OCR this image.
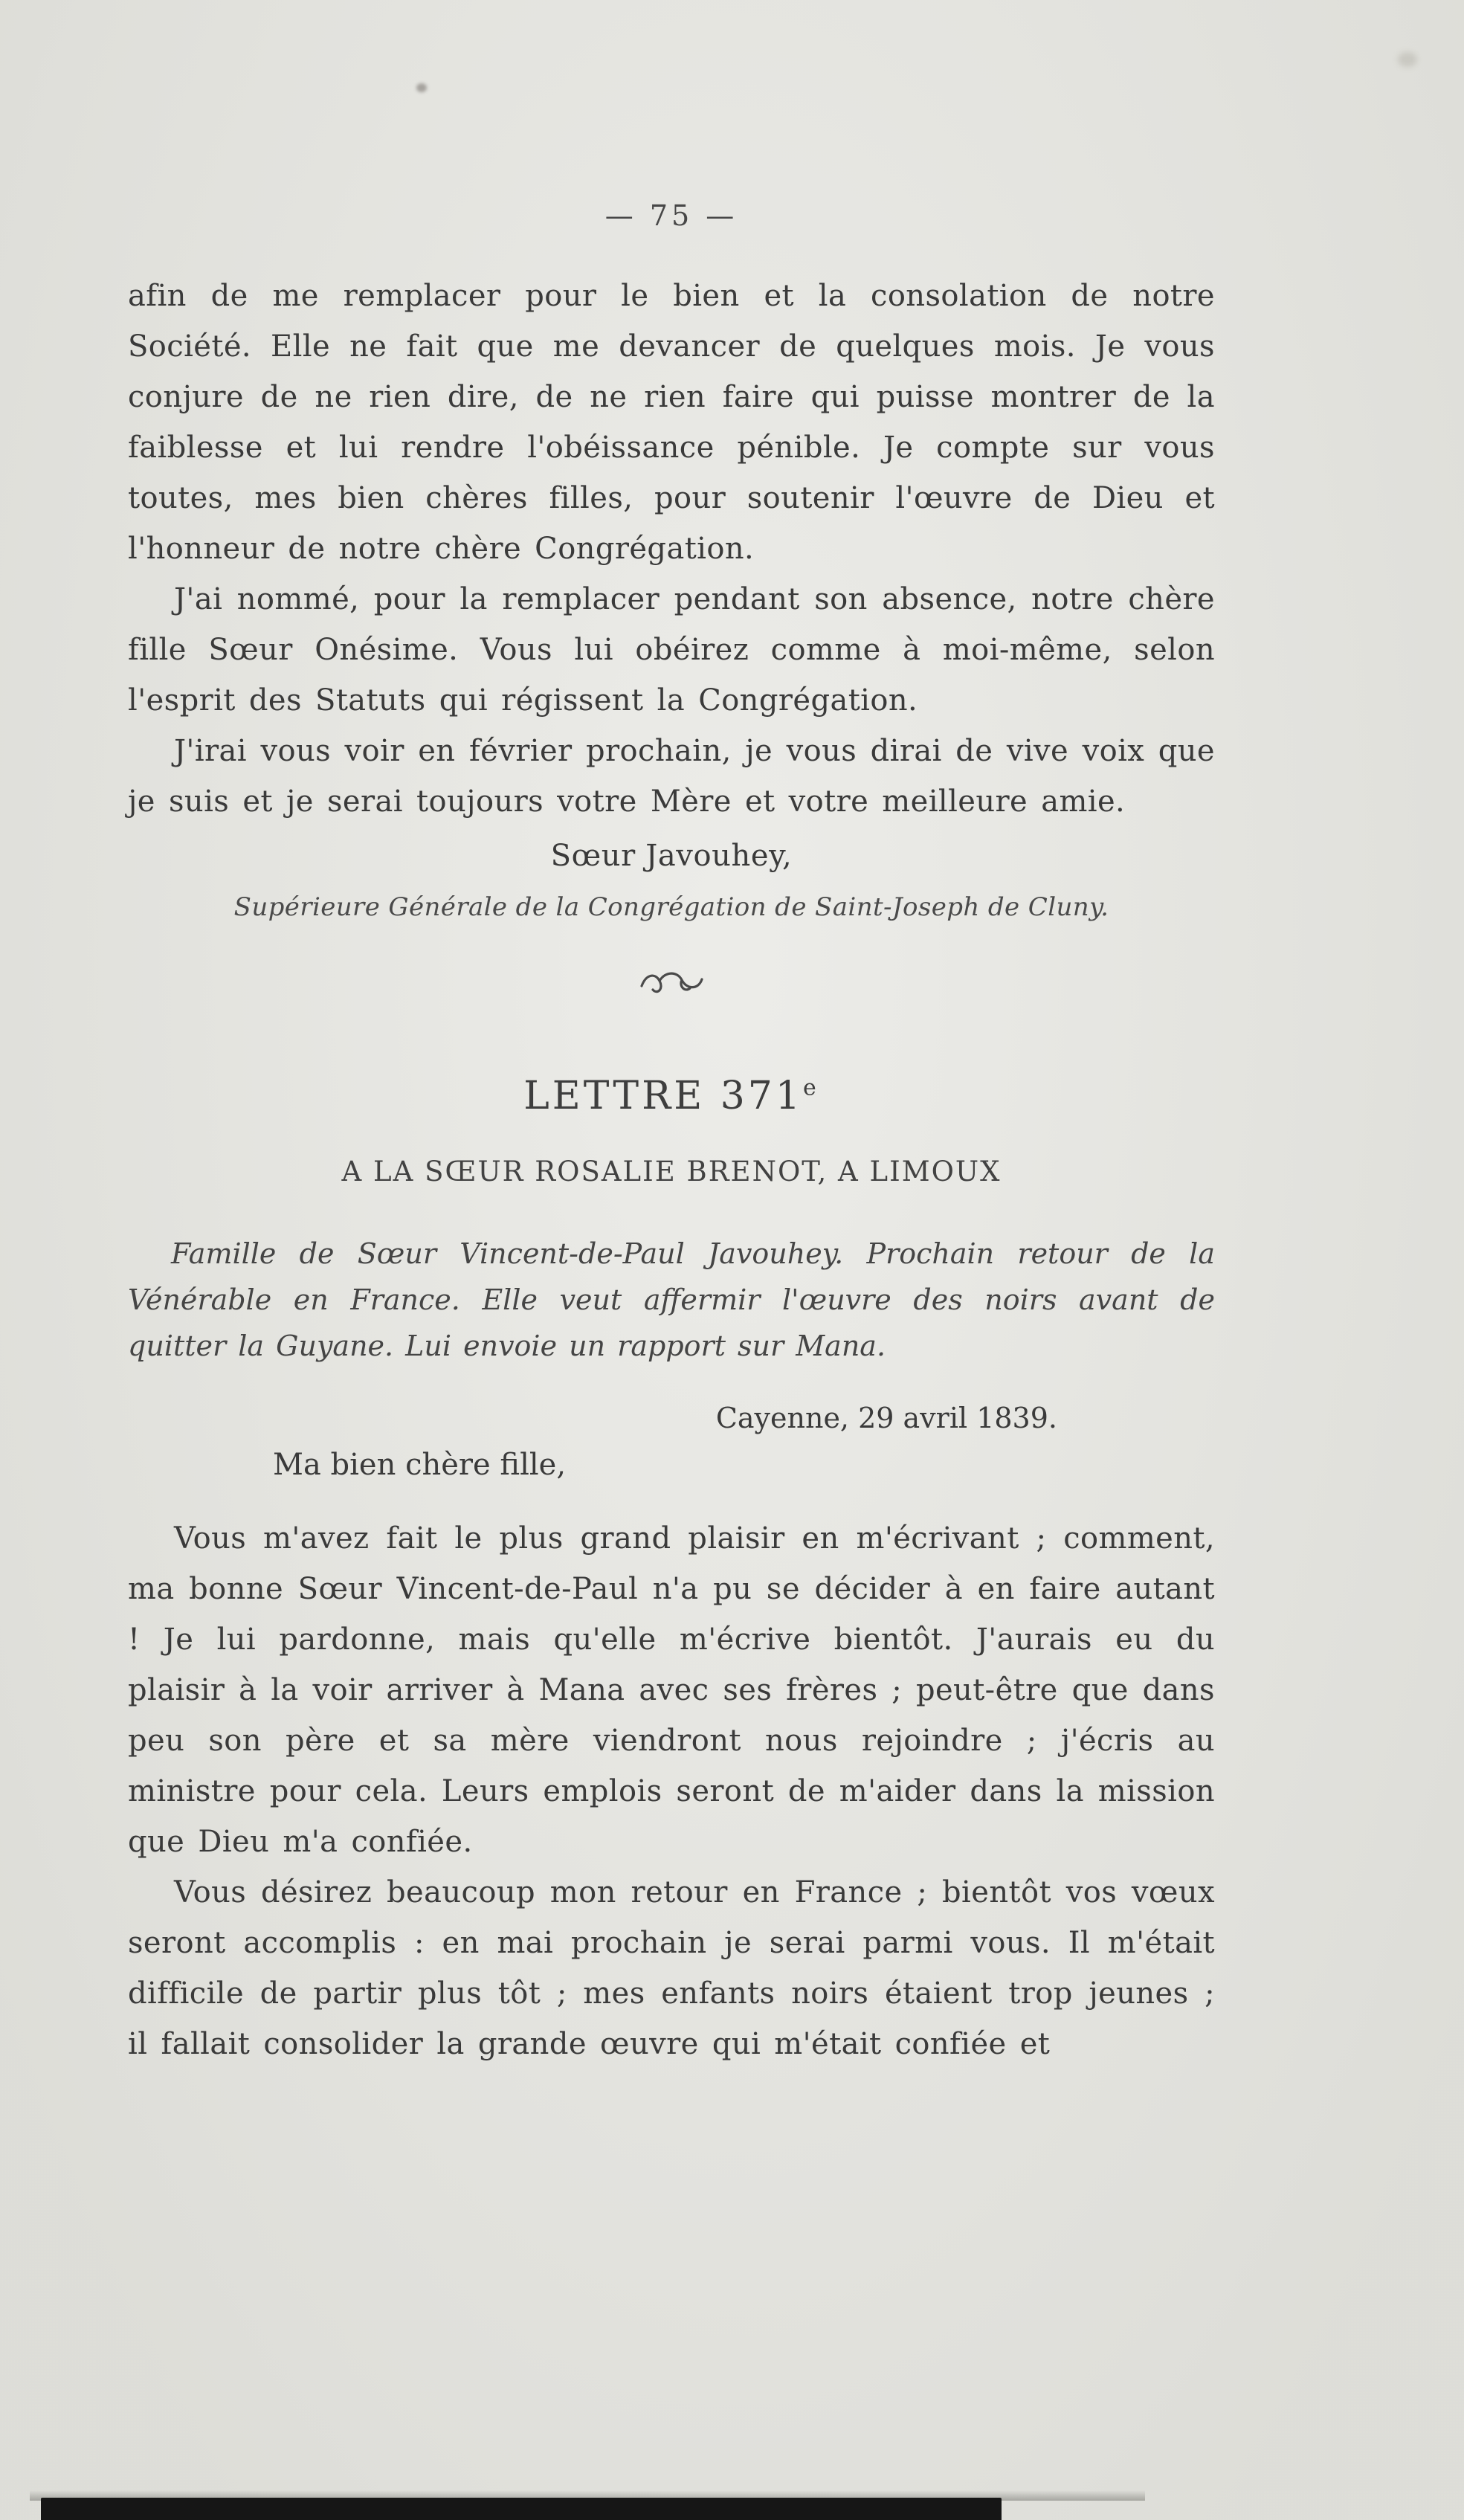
— 75 —

afin de me remplacer pour le bien et la consolation de notre Société. Elle ne fait que me devancer de quelques mois. Je vous conjure de ne rien dire, de ne rien faire qui puisse montrer de la faiblesse et lui rendre l'obéissance pénible. Je compte sur vous toutes, mes bien chères filles, pour soutenir l'œuvre de Dieu et l'honneur de notre chère Congrégation.

J'ai nommé, pour la remplacer pendant son absence, notre chère fille Sœur Onésime. Vous lui obéirez comme à moi-même, selon l'esprit des Statuts qui régissent la Congrégation.

J'irai vous voir en février prochain, je vous dirai de vive voix que je suis et je serai toujours votre Mère et votre meilleure amie.

Sœur Javouhey,

Supérieure Générale de la Congrégation de Saint-Joseph de Cluny.

LETTRE 371e
A LA SŒUR ROSALIE BRENOT, A LIMOUX

Famille de Sœur Vincent-de-Paul Javouhey. Prochain retour de la Vénérable en France. Elle veut affermir l'œuvre des noirs avant de quitter la Guyane. Lui envoie un rapport sur Mana.

Cayenne, 29 avril 1839.

Ma bien chère fille,

Vous m'avez fait le plus grand plaisir en m'écrivant ; comment, ma bonne Sœur Vincent-de-Paul n'a pu se décider à en faire autant ! Je lui pardonne, mais qu'elle m'écrive bientôt. J'aurais eu du plaisir à la voir arriver à Mana avec ses frères ; peut-être que dans peu son père et sa mère viendront nous rejoindre ; j'écris au ministre pour cela. Leurs emplois seront de m'aider dans la mission que Dieu m'a confiée.

Vous désirez beaucoup mon retour en France ; bientôt vos vœux seront accomplis : en mai prochain je serai parmi vous. Il m'était difficile de partir plus tôt ; mes enfants noirs étaient trop jeunes ; il fallait consolider la grande œuvre qui m'était confiée et
